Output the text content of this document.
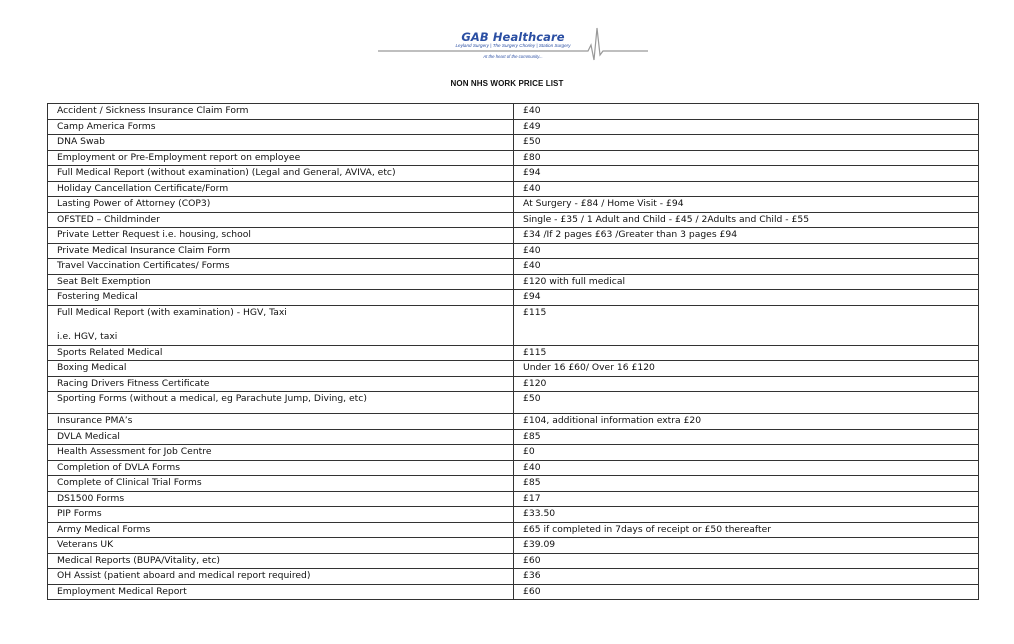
GAB Healthcare
Leyland Surgery | The Surgery Chorley | Station Surgery
At the heart of the community...
NON NHS WORK PRICE LIST
Accident / Sickness Insurance Claim Form	£40
Camp America Forms	£49
DNA Swab	£50
Employment or Pre-Employment report on employee	£80
Full Medical Report (without examination) (Legal and General, AVIVA, etc)	£94
Holiday Cancellation Certificate/Form	£40
Lasting Power of Attorney (COP3)	At Surgery - £84 / Home Visit - £94
OFSTED – Childminder	Single - £35 / 1 Adult and Child - £45 / 2Adults and Child - £55
Private Letter Request i.e. housing, school	£34 /If 2 pages £63 /Greater than 3 pages £94
Private Medical Insurance Claim Form	£40
Travel Vaccination Certificates/ Forms	£40
Seat Belt Exemption	£120 with full medical
Fostering Medical	£94
Full Medical Report (with examination) - HGV, Taxi
i.e. HGV, taxi	£115
Sports Related Medical	£115
Boxing Medical	Under 16 £60/ Over 16 £120
Racing Drivers Fitness Certificate	£120
Sporting Forms (without a medical, eg Parachute Jump, Diving, etc)	£50
Insurance PMA’s	£104, additional information extra £20
DVLA Medical	£85
Health Assessment for Job Centre	£0
Completion of DVLA Forms	£40
Complete of Clinical Trial Forms	£85
DS1500 Forms	£17
PIP Forms	£33.50
Army Medical Forms	£65 if completed in 7days of receipt or £50 thereafter
Veterans UK	£39.09
Medical Reports (BUPA/Vitality, etc)	£60
OH Assist (patient aboard and medical report required)	£36
Employment Medical Report	£60
